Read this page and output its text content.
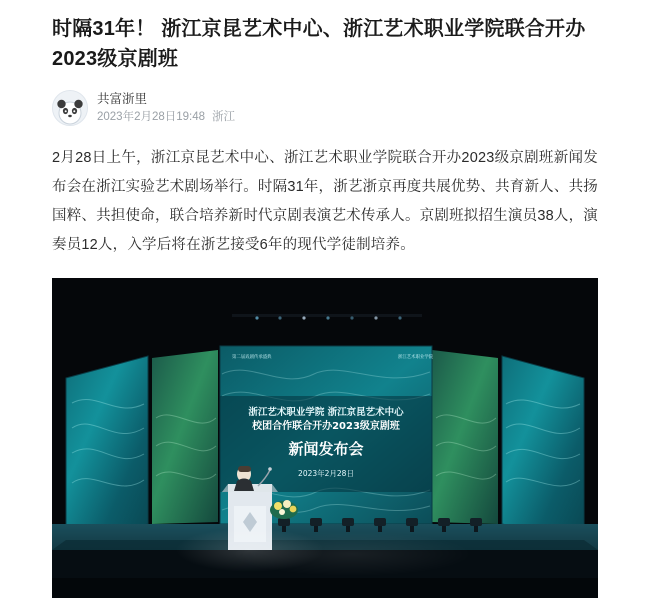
时隔31年！ 浙江京昆艺术中心、浙江艺术职业学院联合开办2023级京剧班
共富浙里
2023年2月28日19:48 浙江

2月28日上午，浙江京昆艺术中心、浙江艺术职业学院联合开办2023级京剧班新闻发布会在浙江实验艺术剧场举行。时隔31年，浙艺浙京再度共展优势、共育新人、共扬国粹、共担使命，联合培养新时代京剧表演艺术传承人。京剧班拟招生演员38人，演奏员12人，入学后将在浙艺接受6年的现代学徒制培养。

第二届戏剧传承盛典	浙江艺术职业学院
浙江艺术职业学院 浙江京昆艺术中心
校团合作联合开办2023级京剧班
新闻发布会
2023年2月28日
